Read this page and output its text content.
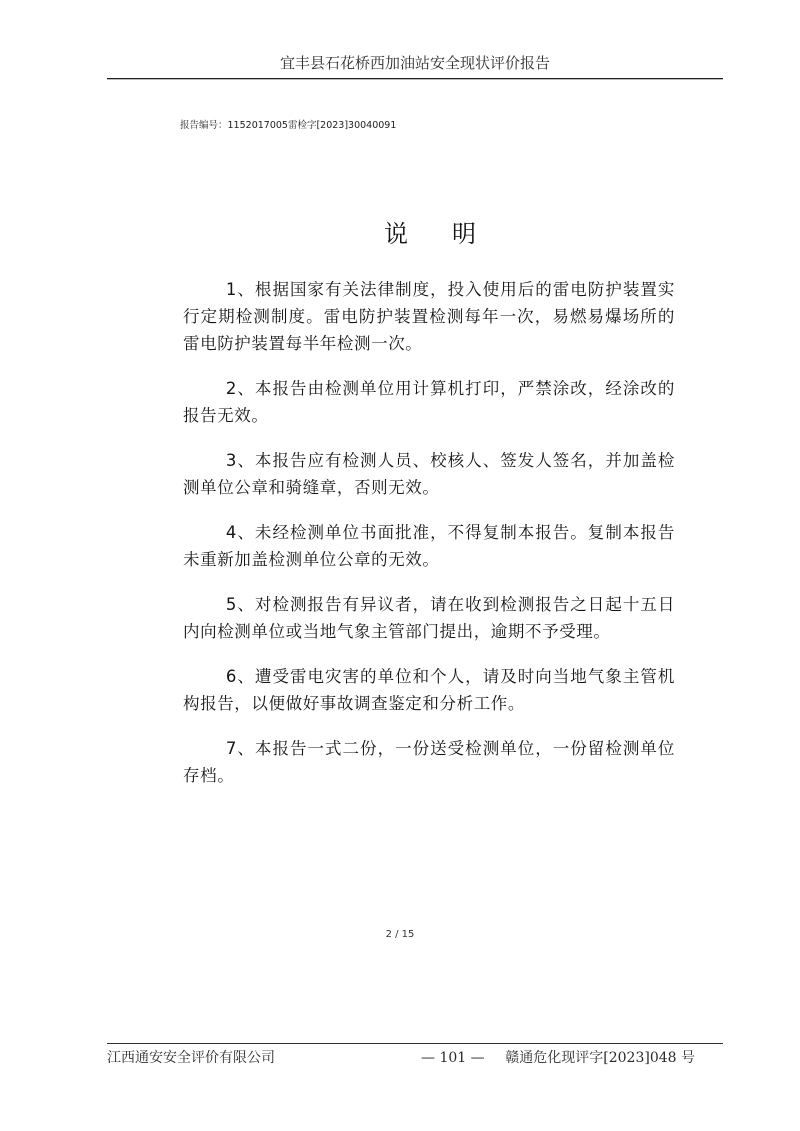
宜丰县石花桥西加油站安全现状评价报告
报告编号：1152017005雷检字[2023]30040091
说 明

1、根据国家有关法律制度，投入使用后的雷电防护装置实行定期检测制度。雷电防护装置检测每年一次，易燃易爆场所的雷电防护装置每半年检测一次。

2、本报告由检测单位用计算机打印，严禁涂改，经涂改的报告无效。

3、本报告应有检测人员、校核人、签发人签名，并加盖检测单位公章和骑缝章，否则无效。

4、未经检测单位书面批准，不得复制本报告。复制本报告未重新加盖检测单位公章的无效。

5、对检测报告有异议者，请在收到检测报告之日起十五日内向检测单位或当地气象主管部门提出，逾期不予受理。

6、遭受雷电灾害的单位和个人，请及时向当地气象主管机构报告，以便做好事故调查鉴定和分析工作。

7、本报告一式二份，一份送受检测单位，一份留检测单位存档。

2 / 15
江西通安安全评价有限公司	— 101 — 赣通危化现评字[2023]048 号
